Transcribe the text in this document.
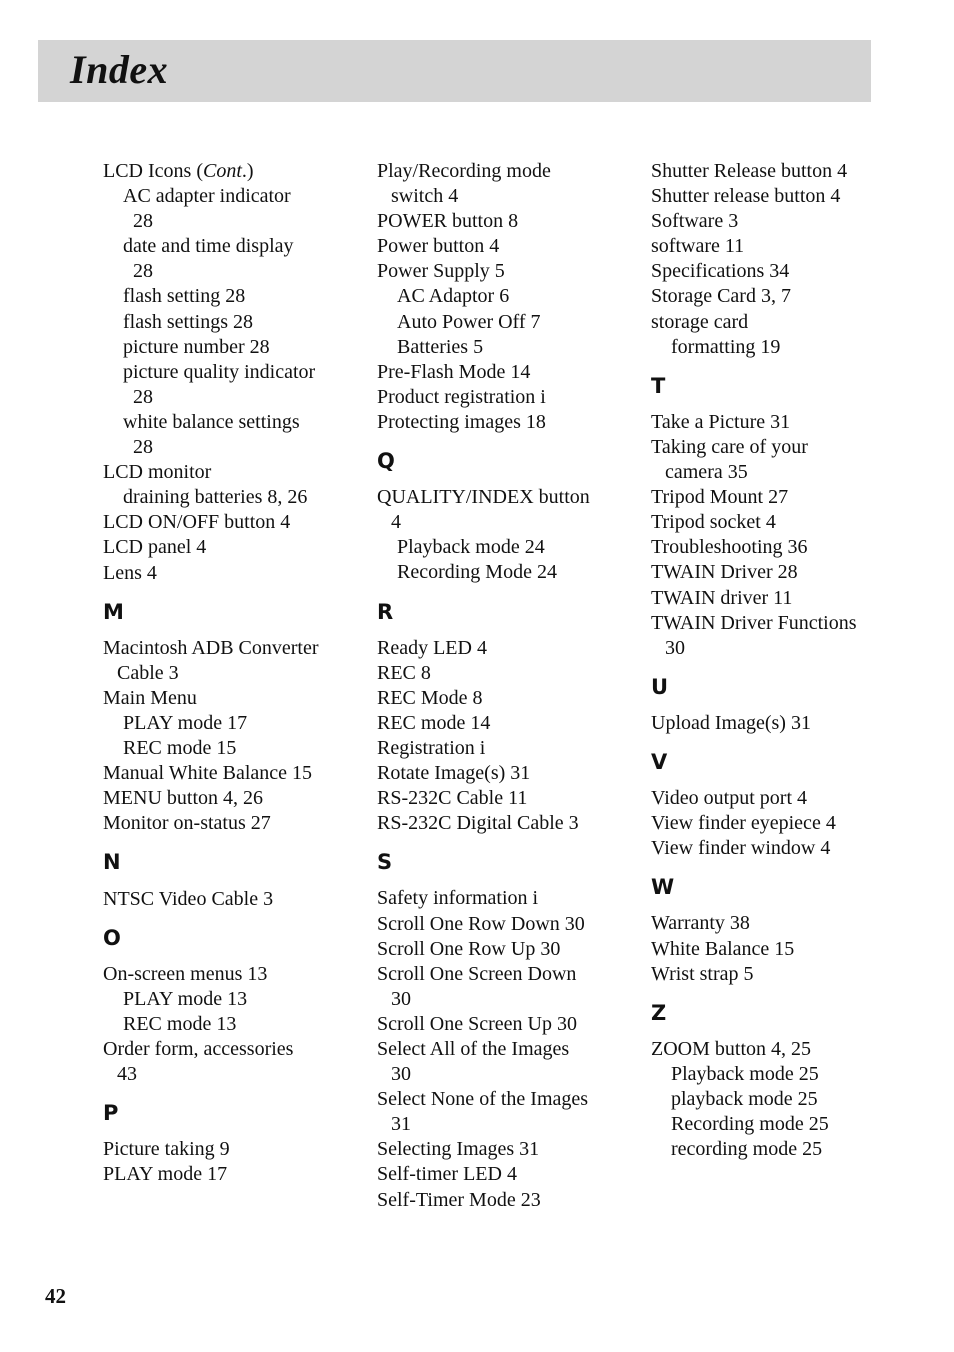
Index
LCD Icons (Cont.)
AC adapter indicator
28
date and time display
28
flash setting 28
flash settings 28
picture number 28
picture quality indicator
28
white balance settings
28
LCD monitor
draining batteries 8, 26
LCD ON/OFF button 4
LCD panel 4
Lens 4
M
Macintosh ADB Converter
Cable 3
Main Menu
PLAY mode 17
REC mode 15
Manual White Balance 15
MENU button 4, 26
Monitor on-status 27
N
NTSC Video Cable 3
O
On-screen menus 13
PLAY mode 13
REC mode 13
Order form, accessories
43
P
Picture taking 9
PLAY mode 17
Play/Recording mode
switch 4
POWER button 8
Power button 4
Power Supply 5
AC Adaptor 6
Auto Power Off 7
Batteries 5
Pre-Flash Mode 14
Product registration i
Protecting images 18
Q
QUALITY/INDEX button
4
Playback mode 24
Recording Mode 24
R
Ready LED 4
REC 8
REC Mode 8
REC mode 14
Registration i
Rotate Image(s) 31
RS-232C Cable 11
RS-232C Digital Cable 3
S
Safety information i
Scroll One Row Down 30
Scroll One Row Up 30
Scroll One Screen Down
30
Scroll One Screen Up 30
Select All of the Images
30
Select None of the Images
31
Selecting Images 31
Self-timer LED 4
Self-Timer Mode 23
Shutter Release button 4
Shutter release button 4
Software 3
software 11
Specifications 34
Storage Card 3, 7
storage card
formatting 19
T
Take a Picture 31
Taking care of your
camera 35
Tripod Mount 27
Tripod socket 4
Troubleshooting 36
TWAIN Driver 28
TWAIN driver 11
TWAIN Driver Functions
30
U
Upload Image(s) 31
V
Video output port 4
View finder eyepiece 4
View finder window 4
W
Warranty 38
White Balance 15
Wrist strap 5
Z
ZOOM button 4, 25
Playback mode 25
playback mode 25
Recording mode 25
recording mode 25
42
